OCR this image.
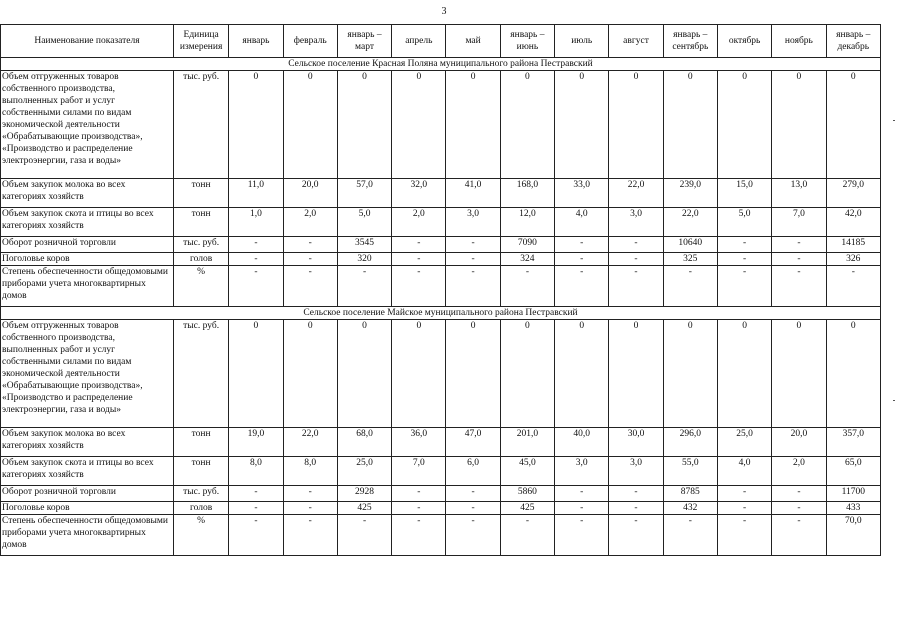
3
Наименование показателя	Единица измерения	январь	февраль	январь – март	апрель	май	январь – июнь	июль	август	январь – сентябрь	октябрь	ноябрь	январь – декабрь
Сельское поселение Красная Поляна муниципального района Пестравский													
Объем отгруженных товаров собственного производства, выполненных работ и услуг собственными силами по видам экономической деятельности «Обрабатывающие производства», «Производство и распределение электроэнергии, газа и воды»	тыс. руб.	0	0	0	0	0	0	0	0	0	0	0	0
Объем закупок молока во всех категориях хозяйств	тонн	11,0	20,0	57,0	32,0	41,0	168,0	33,0	22,0	239,0	15,0	13,0	279,0
Объем закупок скота и птицы во всех категориях хозяйств	тонн	1,0	2,0	5,0	2,0	3,0	12,0	4,0	3,0	22,0	5,0	7,0	42,0
Оборот розничной торговли	тыс. руб.	-	-	3545	-	-	7090	-	-	10640	-	-	14185
Поголовье коров	голов	-	-	320	-	-	324	-	-	325	-	-	326
Степень обеспеченности общедомовыми приборами учета многоквартирных домов	%	-	-	-	-	-	-	-	-	-	-	-	-
Сельское поселение Майское муниципального района Пестравский													
Объем отгруженных товаров собственного производства, выполненных работ и услуг собственными силами по видам экономической деятельности «Обрабатывающие производства», «Производство и распределение электроэнергии, газа и воды»	тыс. руб.	0	0	0	0	0	0	0	0	0	0	0	0
Объем закупок молока во всех категориях хозяйств	тонн	19,0	22,0	68,0	36,0	47,0	201,0	40,0	30,0	296,0	25,0	20,0	357,0
Объем закупок скота и птицы во всех категориях хозяйств	тонн	8,0	8,0	25,0	7,0	6,0	45,0	3,0	3,0	55,0	4,0	2,0	65,0
Оборот розничной торговли	тыс. руб.	-	-	2928	-	-	5860	-	-	8785	-	-	11700
Поголовье коров	голов	-	-	425	-	-	425	-	-	432	-	-	433
Степень обеспеченности общедомовыми приборами учета многоквартирных домов	%	-	-	-	-	-	-	-	-	-	-	-	70,0
